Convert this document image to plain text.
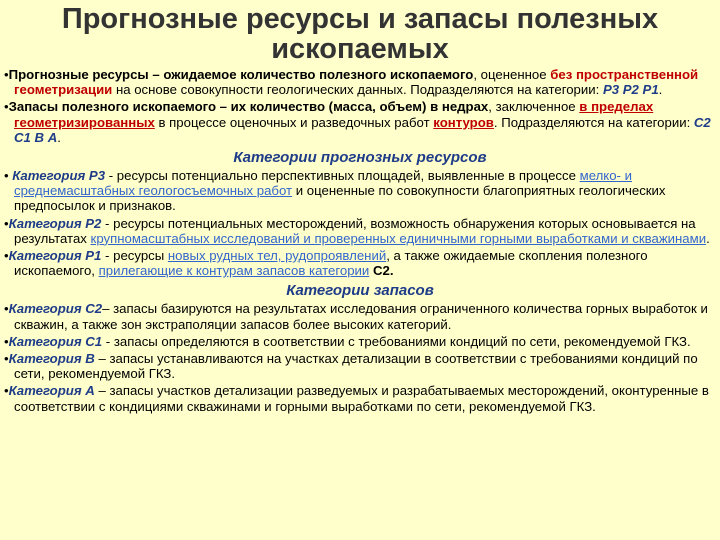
Прогнозные ресурсы и запасы полезных ископаемых

•Прогнозные ресурсы – ожидаемое количество полезного ископаемого, оцененное без пространственной геометризации на основе совокупности геологических данных. Подразделяются на категории: Р3 Р2 Р1.

•Запасы полезного ископаемого – их количество (масса, объем) в недрах, заключенное в пределах геометризированных в процессе оценочных и разведочных работ контуров. Подразделяются на категории: С2 С1 В А.

Категории прогнозных ресурсов

• Категория Р3 - ресурсы потенциально перспективных площадей, выявленные в процессе мелко- и среднемасштабных геологосъемочных работ и оцененные по совокупности благоприятных геологических предпосылок и признаков.

•Категория Р2 - ресурсы потенциальных месторождений, возможность обнаружения которых основывается на результатах крупномасштабных исследований и проверенных единичными горными выработками и скважинами.

•Категория Р1 - ресурсы новых рудных тел, рудопроявлений, а также ожидаемые скопления полезного ископаемого, прилегающие к контурам запасов категории С2.

Категории запасов

•Категория С2– запасы базируются на результатах исследования ограниченного количества горных выработок и скважин, а также зон экстраполяции запасов более высоких категорий.

•Категория С1 - запасы определяются в соответствии с требованиями кондиций по сети, рекомендуемой ГКЗ.

•Категория В – запасы устанавливаются на участках детализации в соответствии с требованиями кондиций по сети, рекомендуемой ГКЗ.

•Категория А – запасы участков детализации разведуемых и разрабатываемых месторождений, оконтуренные в соответствии с кондициями скважинами и горными выработками по сети, рекомендуемой ГКЗ.
